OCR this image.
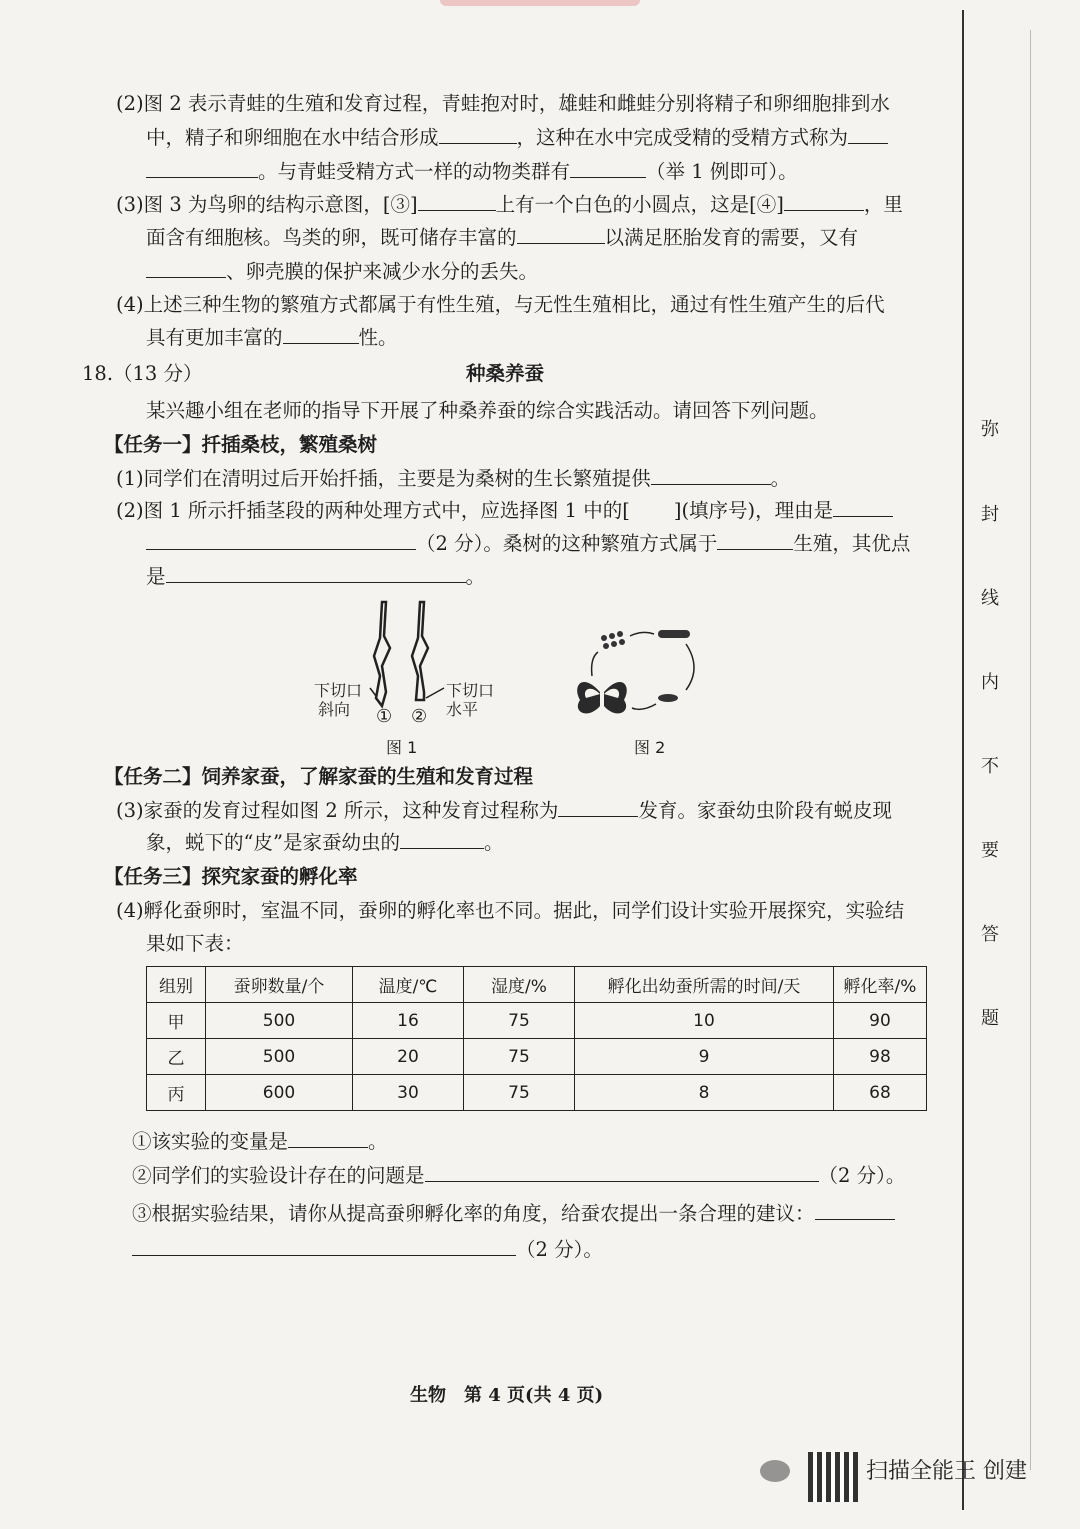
(2)图 2 表示青蛙的生殖和发育过程，青蛙抱对时，雄蛙和雌蛙分别将精子和卵细胞排到水
中，精子和卵细胞在水中结合形成	，这种在水中完成受精的受精方式称为
。与青蛙受精方式一样的动物类群有	（举 1 例即可）。
(3)图 3 为鸟卵的结构示意图，[③]	上有一个白色的小圆点，这是[④]	，里
面含有细胞核。鸟类的卵，既可储存丰富的	以满足胚胎发育的需要，又有
、卵壳膜的保护来减少水分的丢失。
(4)上述三种生物的繁殖方式都属于有性生殖，与无性生殖相比，通过有性生殖产生的后代
具有更加丰富的	性。
18.（13 分）	种桑养蚕
某兴趣小组在老师的指导下开展了种桑养蚕的综合实践活动。请回答下列问题。
【任务一】扦插桑枝，繁殖桑树
(1)同学们在清明过后开始扦插，主要是为桑树的生长繁殖提供	。
(2)图 1 所示扦插茎段的两种处理方式中，应选择图 1 中的[ ](填序号)，理由是
（2 分）。桑树的这种繁殖方式属于	生殖，其优点
是	。
下切口
斜向
下切口
水平
① ②
图 1	图 2
【任务二】饲养家蚕，了解家蚕的生殖和发育过程
(3)家蚕的发育过程如图 2 所示，这种发育过程称为	发育。家蚕幼虫阶段有蜕皮现
象，蜕下的“皮”是家蚕幼虫的	。
【任务三】探究家蚕的孵化率
(4)孵化蚕卵时，室温不同，蚕卵的孵化率也不同。据此，同学们设计实验开展探究，实验结
果如下表：
组别	蚕卵数量/个	温度/℃	湿度/%	孵化出幼蚕所需的时间/天	孵化率/%
甲	500	16	75	10	90
乙	500	20	75	9	98
丙	600	30	75	8	68
①该实验的变量是	。
②同学们的实验设计存在的问题是	（2 分）。
③根据实验结果，请你从提高蚕卵孵化率的角度，给蚕农提出一条合理的建议：
（2 分）。
生物　第 4 页(共 4 页)
弥
封
线
内
不
要
答
题
扫描全能王 创建
